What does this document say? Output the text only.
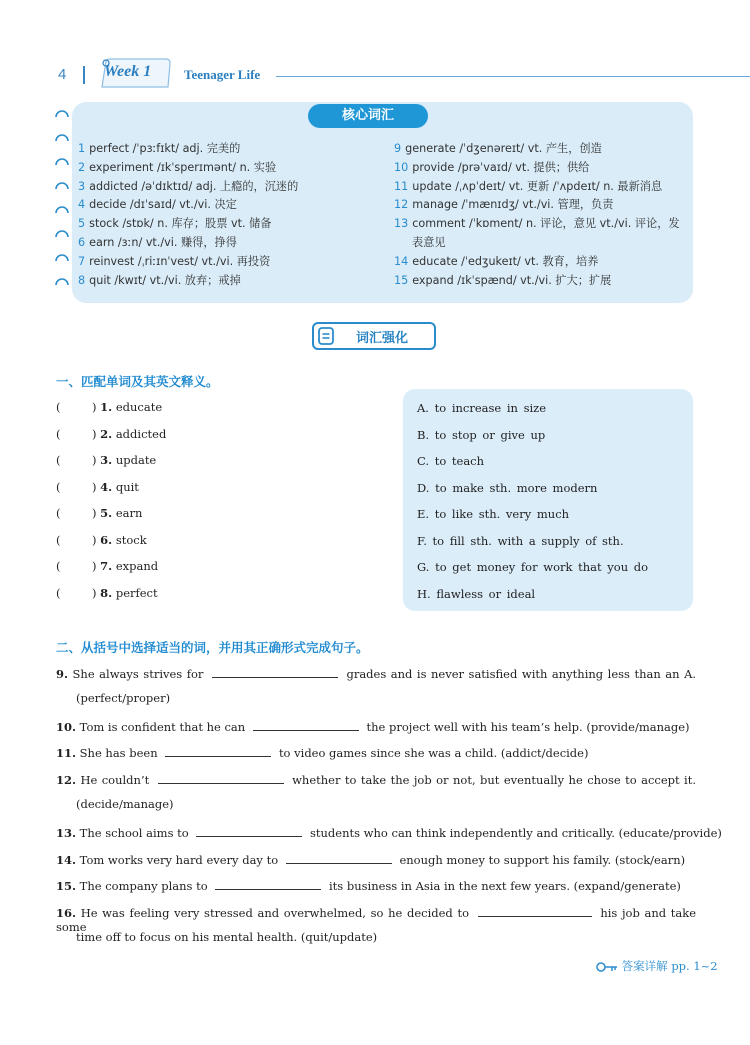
4 Week 1	Teenager Life
核心词汇
1 perfect /ˈpɜːfɪkt/ adj. 完美的
2 experiment /ɪkˈsperɪmənt/ n. 实验
3 addicted /əˈdɪktɪd/ adj. 上瘾的，沉迷的
4 decide /dɪˈsaɪd/ vt./vi. 决定
5 stock /stɒk/ n. 库存；股票 vt. 储备
6 earn /ɜːn/ vt./vi. 赚得，挣得
7 reinvest /ˌriːɪnˈvest/ vt./vi. 再投资
8 quit /kwɪt/ vt./vi. 放弃；戒掉
9 generate /ˈdʒenəreɪt/ vt. 产生，创造
10 provide /prəˈvaɪd/ vt. 提供；供给
11 update /ˌʌpˈdeɪt/ vt. 更新 /ˈʌpdeɪt/ n. 最新消息
12 manage /ˈmænɪdʒ/ vt./vi. 管理，负责
13 comment /ˈkɒment/ n. 评论，意见 vt./vi. 评论，发
表意见
14 educate /ˈedʒukeɪt/ vt. 教育，培养
15 expand /ɪkˈspænd/ vt./vi. 扩大；扩展
词汇强化
一、匹配单词及其英文释义。
(	) 1. educate
(	) 2. addicted
(	) 3. update
(	) 4. quit
(	) 5. earn
(	) 6. stock
(	) 7. expand
(	) 8. perfect
A. to increase in size
B. to stop or give up
C. to teach
D. to make sth. more modern
E. to like sth. very much
F. to fill sth. with a supply of sth.
G. to get money for work that you do
H. flawless or ideal
二、从括号中选择适当的词，并用其正确形式完成句子。
9. She always strives for	grades and is never satisfied with anything less than an A.
(perfect/proper)
10. Tom is confident that he can	the project well with his team’s help. (provide/manage)
11. She has been	to video games since she was a child. (addict/decide)
12. He couldn’t	whether to take the job or not, but eventually he chose to accept it.
(decide/manage)
13. The school aims to	students who can think independently and critically. (educate/provide)
14. Tom works very hard every day to	enough money to support his family. (stock/earn)
15. The company plans to	its business in Asia in the next few years. (expand/generate)
16. He was feeling very stressed and overwhelmed, so he decided to	his job and take some
time off to focus on his mental health. (quit/update)
答案详解 pp. 1~2
